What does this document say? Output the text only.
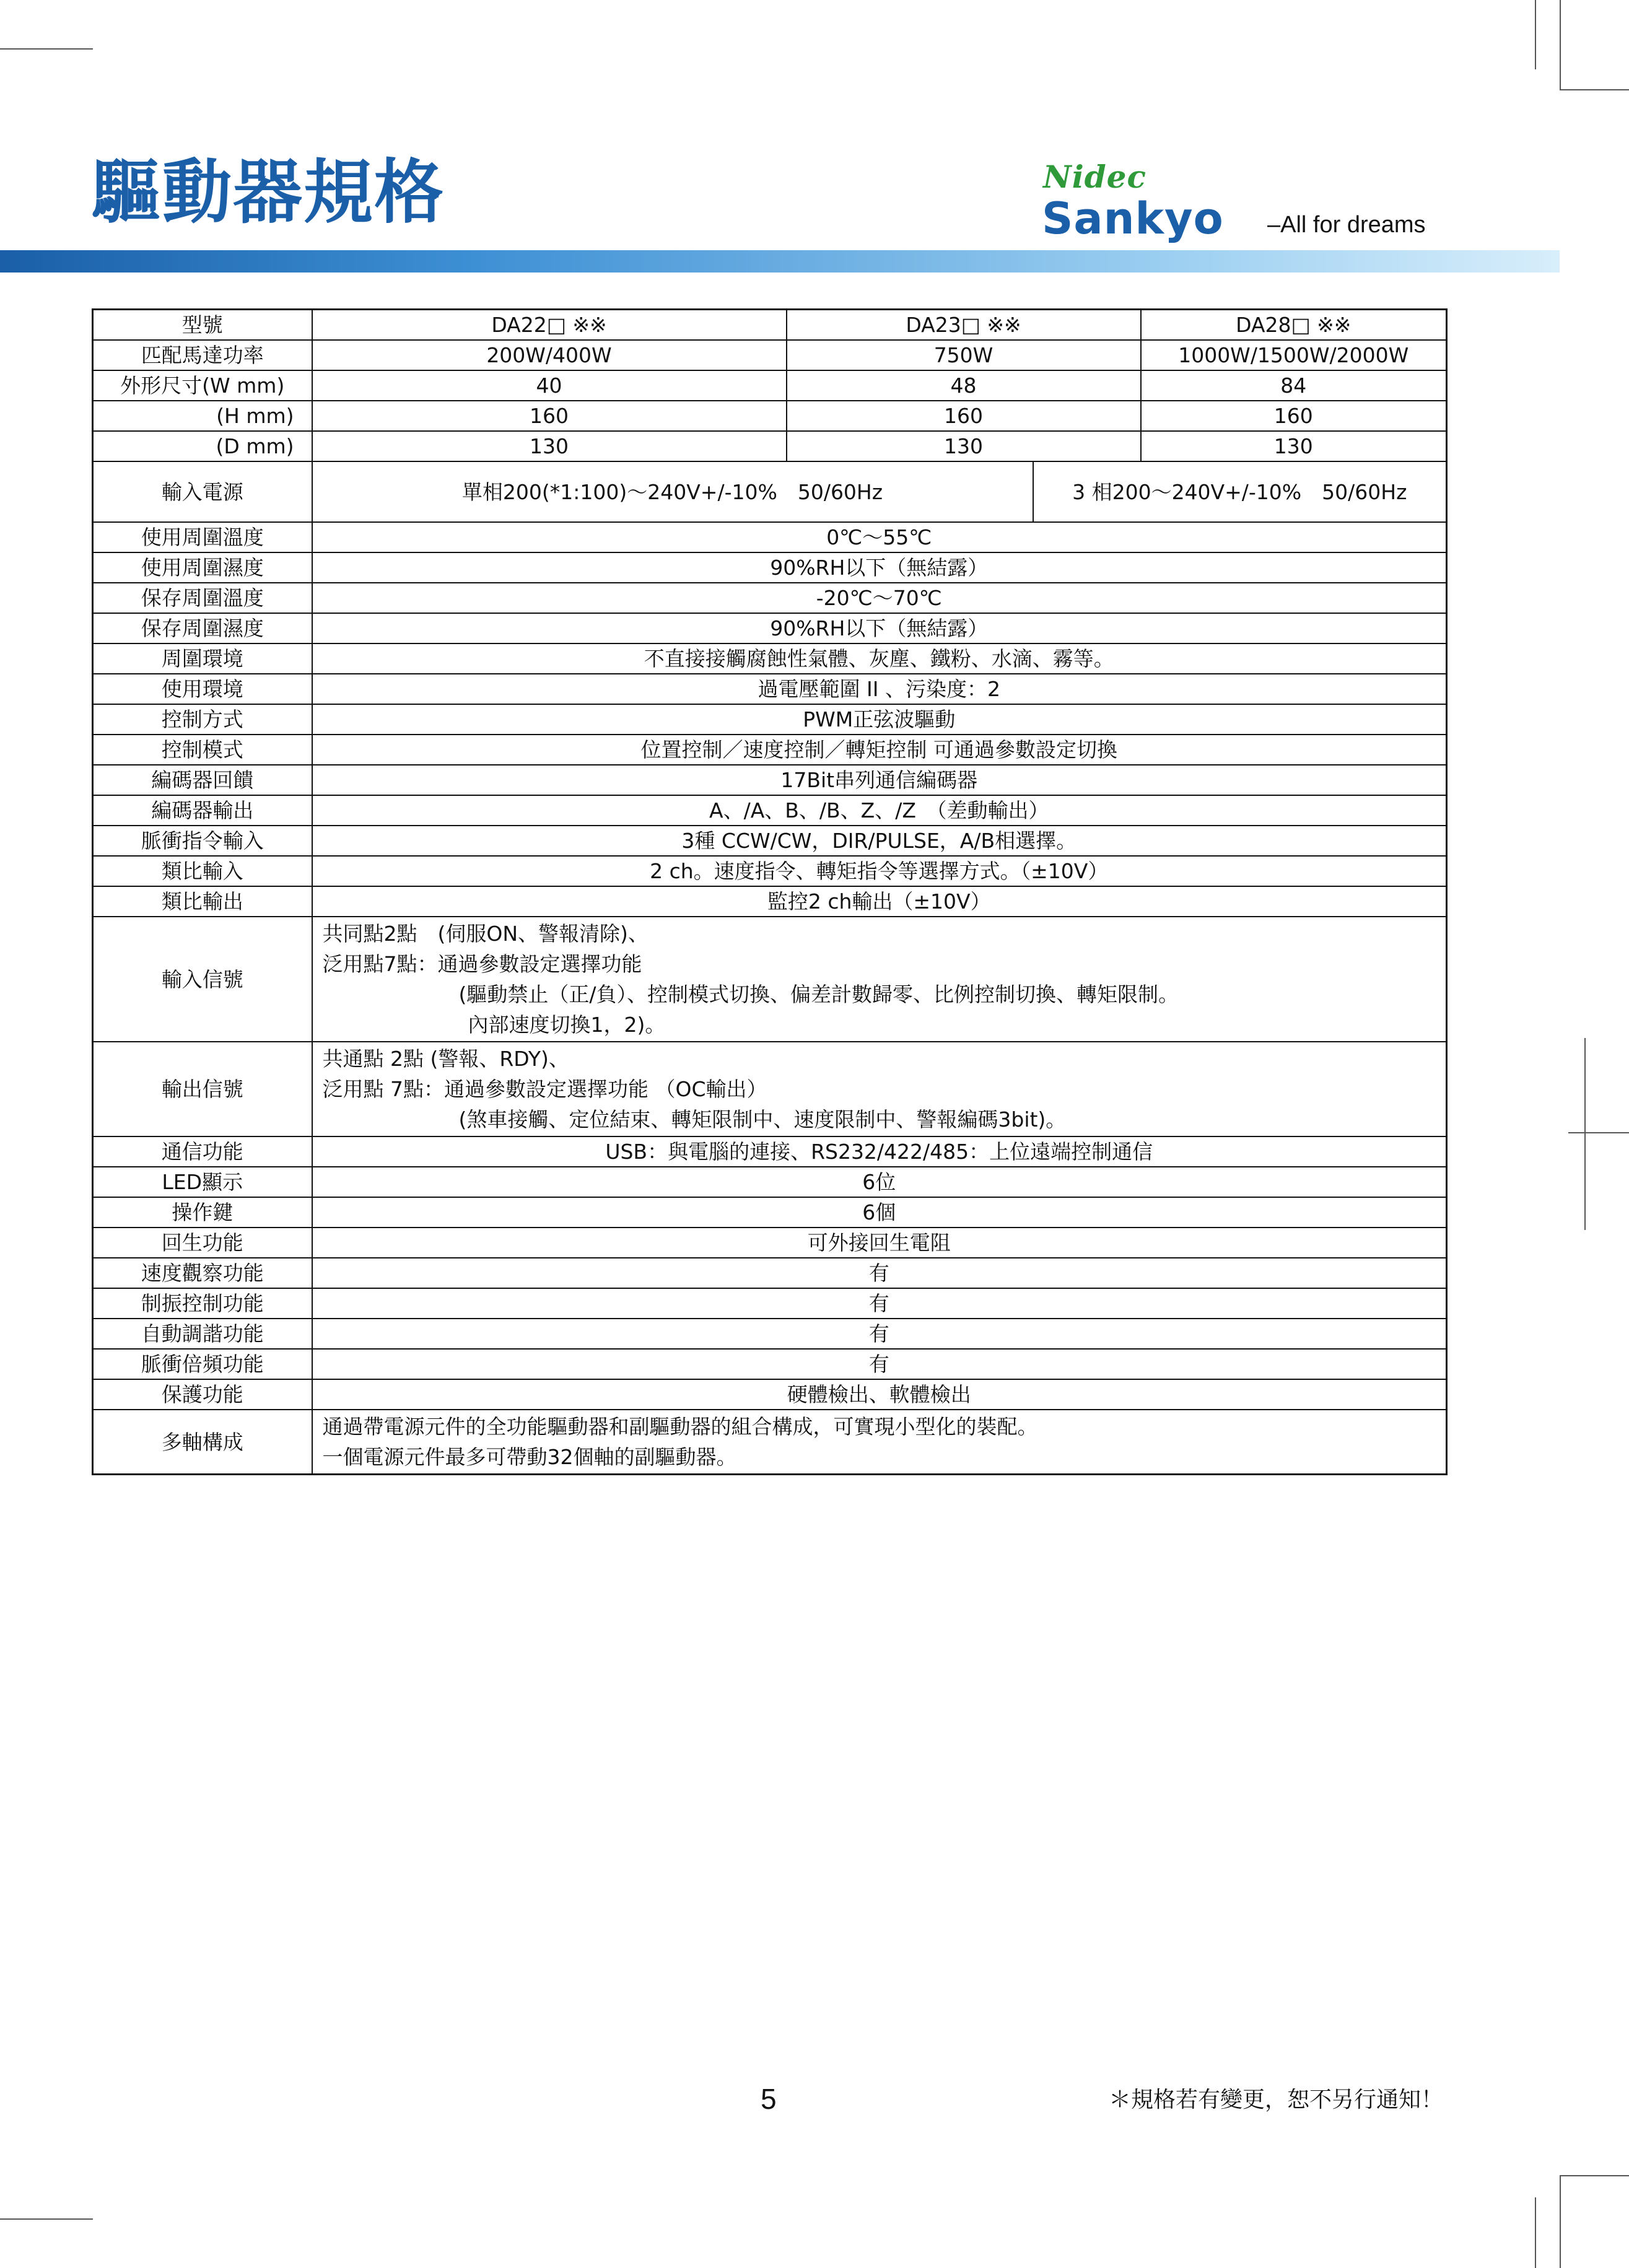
驅動器規格	Nidec
Sankyo ‒All for dreams
型號	DA22□ ※※	DA23□ ※※		DA28□ ※※
匹配馬達功率	200W/400W	750W		1000W/1500W/2000W
外形尺寸(W mm)	40	48		84
(H mm)	160	160		160
(D mm)	130	130		130
輸入電源	單相200(*1:100)～240V+/-10%　50/60Hz		3 相200～240V+/-10%　50/60Hz	
使用周圍溫度	0℃～55℃			
使用周圍濕度	90%RH以下（無結露）			
保存周圍溫度	-20℃～70℃			
保存周圍濕度	90%RH以下（無結露）			
周圍環境	不直接接觸腐蝕性氣體、灰塵、鐵粉、水滴、霧等。			
使用環境	過電壓範圍 II 、污染度：2			
控制方式	PWM正弦波驅動			
控制模式	位置控制／速度控制／轉矩控制 可通過參數設定切換			
編碼器回饋	17Bit串列通信編碼器			
編碼器輸出	A、/A、B、/B、Z、/Z　（差動輸出）			
脈衝指令輸入	3種 CCW/CW，DIR/PULSE，A/B相選擇。			
類比輸入	2 ch。速度指令、轉矩指令等選擇方式。（±10V）			
類比輸出	監控2 ch輸出（±10V）			
輸入信號	共同點2點　(伺服ON、警報清除)、
泛用點7點：通過參數設定選擇功能
(驅動禁止（正/負）、控制模式切換、偏差計數歸零、比例控制切換、轉矩限制。
內部速度切換1，2)。			

輸出信號	共通點 2點 (警報、RDY)、
泛用點 7點：通過參數設定選擇功能 （OC輸出）
(煞車接觸、定位結束、轉矩限制中、速度限制中、警報編碼3bit)。			

通信功能	USB：與電腦的連接、RS232/422/485：上位遠端控制通信			
LED顯示	6位			
操作鍵	6個			
回生功能	可外接回生電阻			
速度觀察功能	有			
制振控制功能	有			
自動調諧功能	有			
脈衝倍頻功能	有			
保護功能	硬體檢出、軟體檢出			
多軸構成	通過帶電源元件的全功能驅動器和副驅動器的組合構成，可實現小型化的裝配。
一個電源元件最多可帶動32個軸的副驅動器。			
5	＊規格若有變更，恕不另行通知！
